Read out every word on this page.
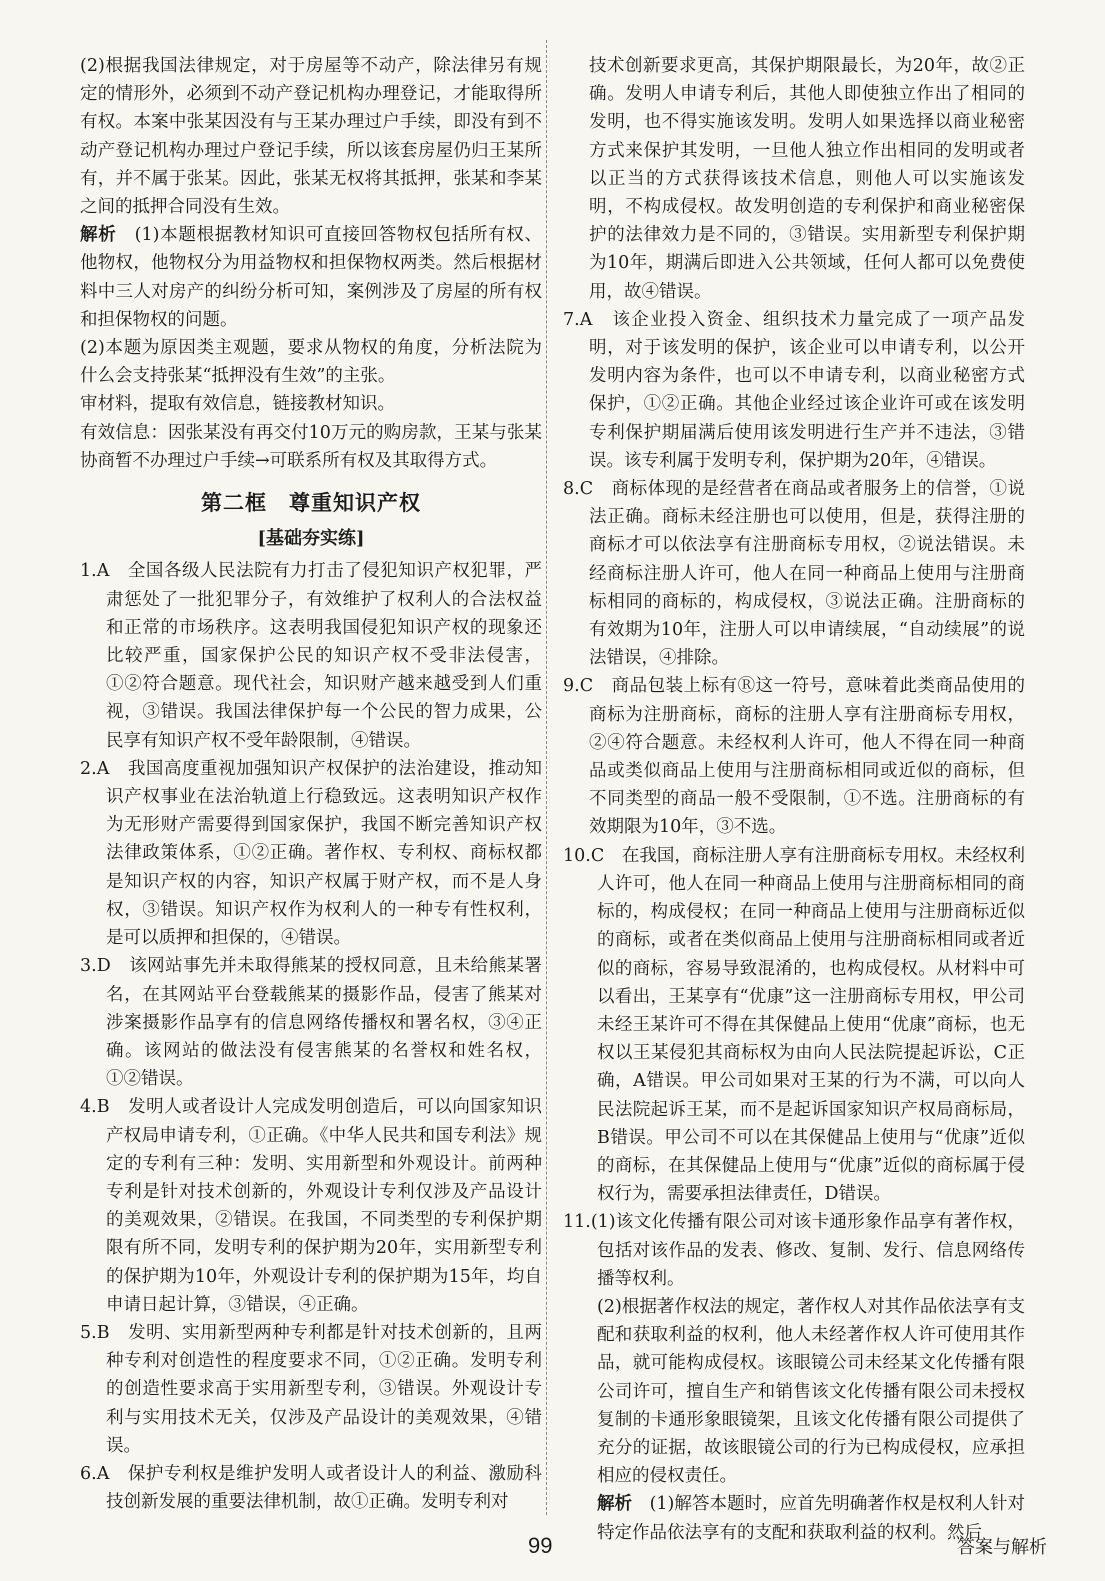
(2)根据我国法律规定，对于房屋等不动产，除法律另有规定的情形外，必须到不动产登记机构办理登记，才能取得所有权。本案中张某因没有与王某办理过户手续，即没有到不动产登记机构办理过户登记手续，所以该套房屋仍归王某所有，并不属于张某。因此，张某无权将其抵押，张某和李某之间的抵押合同没有生效。

解析　 (1)本题根据教材知识可直接回答物权包括所有权、他物权，他物权分为用益物权和担保物权两类。然后根据材料中三人对房产的纠纷分析可知，案例涉及了房屋的所有权和担保物权的问题。

(2)本题为原因类主观题，要求从物权的角度，分析法院为什么会支持张某“抵押没有生效”的主张。

审材料，提取有效信息，链接教材知识。

有效信息：因张某没有再交付10万元的购房款，王某与张某协商暂不办理过户手续→可联系所有权及其取得方式。

第二框　尊重知识产权
[基础夯实练]

1.A　 全国各级人民法院有力打击了侵犯知识产权犯罪，严肃惩处了一批犯罪分子，有效维护了权利人的合法权益和正常的市场秩序。这表明我国侵犯知识产权的现象还比较严重，国家保护公民的知识产权不受非法侵害，①②符合题意。现代社会，知识财产越来越受到人们重视，③错误。我国法律保护每一个公民的智力成果，公民享有知识产权不受年龄限制，④错误。

2.A　 我国高度重视加强知识产权保护的法治建设，推动知识产权事业在法治轨道上行稳致远。这表明知识产权作为无形财产需要得到国家保护，我国不断完善知识产权法律政策体系，①②正确。著作权、专利权、商标权都是知识产权的内容，知识产权属于财产权，而不是人身权，③错误。知识产权作为权利人的一种专有性权利，是可以质押和担保的，④错误。

3.D　 该网站事先并未取得熊某的授权同意，且未给熊某署名，在其网站平台登载熊某的摄影作品，侵害了熊某对涉案摄影作品享有的信息网络传播权和署名权，③④正确。该网站的做法没有侵害熊某的名誉权和姓名权，①②错误。

4.B　 发明人或者设计人完成发明创造后，可以向国家知识产权局申请专利，①正确。《中华人民共和国专利法》规定的专利有三种：发明、实用新型和外观设计。前两种专利是针对技术创新的，外观设计专利仅涉及产品设计的美观效果，②错误。在我国，不同类型的专利保护期限有所不同，发明专利的保护期为20年，实用新型专利的保护期为10年，外观设计专利的保护期为15年，均自申请日起计算，③错误，④正确。

5.B　 发明、实用新型两种专利都是针对技术创新的，且两种专利对创造性的程度要求不同，①②正确。发明专利的创造性要求高于实用新型专利，③错误。外观设计专利与实用技术无关，仅涉及产品设计的美观效果，④错误。

6.A　 保护专利权是维护发明人或者设计人的利益、激励科技创新发展的重要法律机制，故①正确。发明专利对

技术创新要求更高，其保护期限最长，为20年，故②正确。发明人申请专利后，其他人即使独立作出了相同的发明，也不得实施该发明。发明人如果选择以商业秘密方式来保护其发明，一旦他人独立作出相同的发明或者以正当的方式获得该技术信息，则他人可以实施该发明，不构成侵权。故发明创造的专利保护和商业秘密保护的法律效力是不同的，③错误。实用新型专利保护期为10年，期满后即进入公共领域，任何人都可以免费使用，故④错误。

7.A　 该企业投入资金、组织技术力量完成了一项产品发明，对于该发明的保护，该企业可以申请专利，以公开发明内容为条件，也可以不申请专利，以商业秘密方式保护，①②正确。其他企业经过该企业许可或在该发明专利保护期届满后使用该发明进行生产并不违法，③错误。该专利属于发明专利，保护期为20年，④错误。

8.C　 商标体现的是经营者在商品或者服务上的信誉，①说法正确。商标未经注册也可以使用，但是，获得注册的商标才可以依法享有注册商标专用权，②说法错误。未经商标注册人许可，他人在同一种商品上使用与注册商标相同的商标的，构成侵权，③说法正确。注册商标的有效期为10年，注册人可以申请续展，“自动续展”的说法错误，④排除。

9.C　 商品包装上标有Ⓡ这一符号，意味着此类商品使用的商标为注册商标，商标的注册人享有注册商标专用权，②④符合题意。未经权利人许可，他人不得在同一种商品或类似商品上使用与注册商标相同或近似的商标，但不同类型的商品一般不受限制，①不选。注册商标的有效期限为10年，③不选。

10.C　 在我国，商标注册人享有注册商标专用权。未经权利人许可，他人在同一种商品上使用与注册商标相同的商标的，构成侵权；在同一种商品上使用与注册商标近似的商标，或者在类似商品上使用与注册商标相同或者近似的商标，容易导致混淆的，也构成侵权。从材料中可以看出，王某享有“优康”这一注册商标专用权，甲公司未经王某许可不得在其保健品上使用“优康”商标，也无权以王某侵犯其商标权为由向人民法院提起诉讼，C正确，A错误。甲公司如果对王某的行为不满，可以向人民法院起诉王某，而不是起诉国家知识产权局商标局，B错误。甲公司不可以在其保健品上使用与“优康”近似的商标，在其保健品上使用与“优康”近似的商标属于侵权行为，需要承担法律责任，D错误。

11.(1)该文化传播有限公司对该卡通形象作品享有著作权，包括对该作品的发表、修改、复制、发行、信息网络传播等权利。

(2)根据著作权法的规定，著作权人对其作品依法享有支配和获取利益的权利，他人未经著作权人许可使用其作品，就可能构成侵权。该眼镜公司未经某文化传播有限公司许可，擅自生产和销售该文化传播有限公司未授权复制的卡通形象眼镜架，且该文化传播有限公司提供了充分的证据，故该眼镜公司的行为已构成侵权，应承担相应的侵权责任。

解析　 (1)解答本题时，应首先明确著作权是权利人针对特定作品依法享有的支配和获取利益的权利。然后

99	答案与解析
